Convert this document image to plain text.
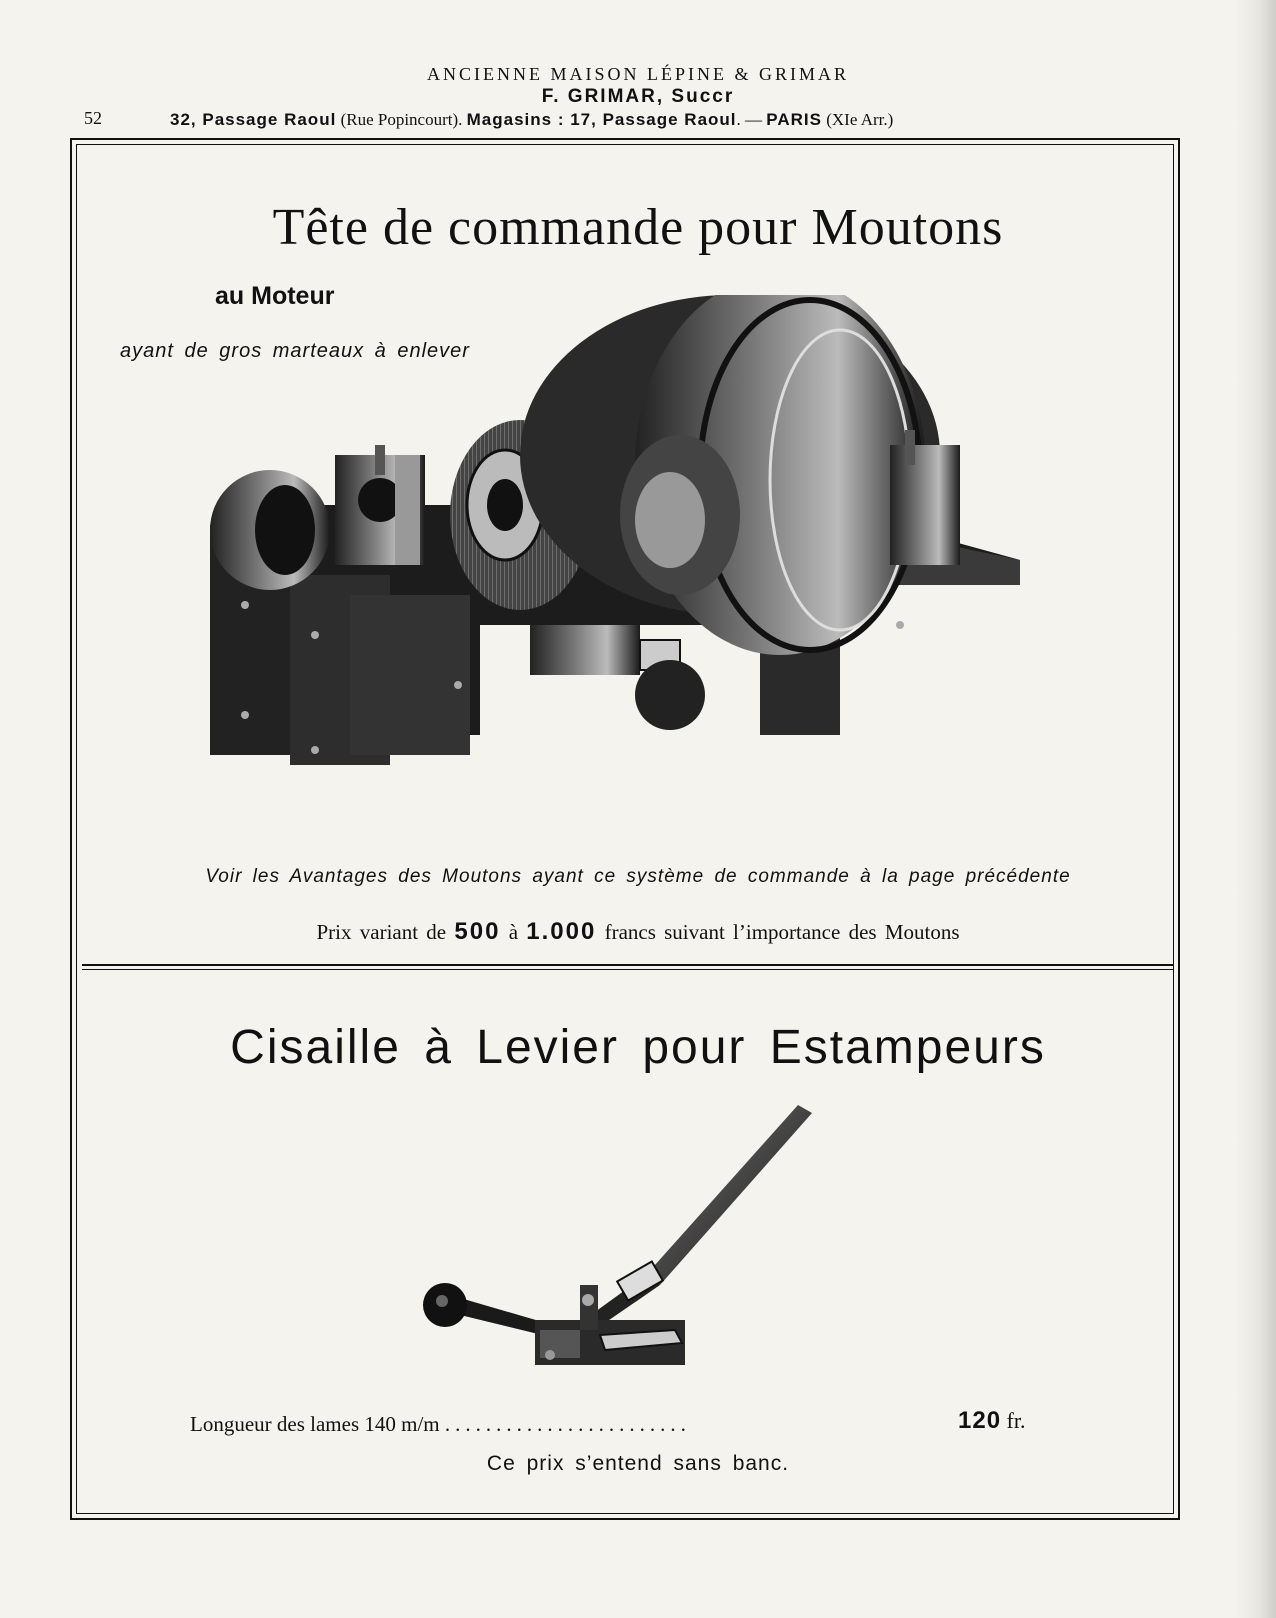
ANCIENNE MAISON LÉPINE & GRIMAR
F. GRIMAR, Succr
52	32, Passage Raoul (Rue Popincourt). Magasins : 17, Passage Raoul. — PARIS (XIe Arr.)
Tête de commande pour Moutons
au Moteur
ayant de gros marteaux à enlever
Voir les Avantages des Moutons ayant ce système de commande à la page précédente
Prix variant de 500 à 1.000 francs suivant l’importance des Moutons
Cisaille à Levier pour Estampeurs
Longueur des lames 140 m/m ........................	120 fr.
Ce prix s’entend sans banc.
